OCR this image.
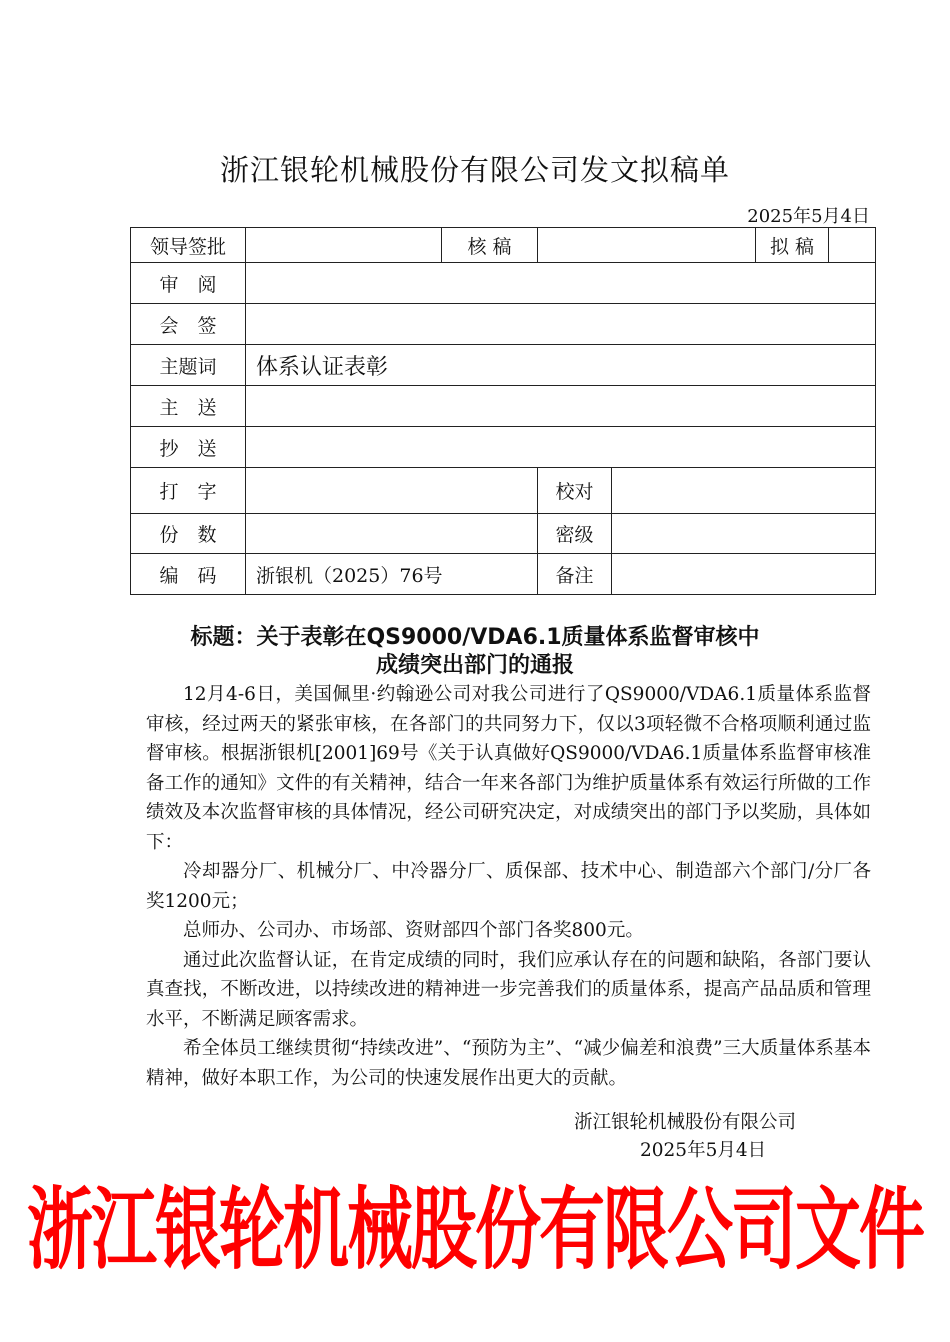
浙江银轮机械股份有限公司发文拟稿单
2025年5月4日
领导签批		核 稿			拟 稿

审　阅					
会　签					
主题词	体系认证表彰				
主　送					
抄　送					
打　字			校对		
份　数			密级		
编　码	浙银机（2025）76号		备注		
标题：关于表彰在QS9000/VDA6.1质量体系监督审核中
成绩突出部门的通报

12月4-6日，美国佩里·约翰逊公司对我公司进行了QS9000/VDA6.1质量体系监督审核，经过两天的紧张审核，在各部门的共同努力下，仅以3项轻微不合格项顺利通过监督审核。根据浙银机[2001]69号《关于认真做好QS9000/VDA6.1质量体系监督审核准备工作的通知》文件的有关精神，结合一年来各部门为维护质量体系有效运行所做的工作绩效及本次监督审核的具体情况，经公司研究决定，对成绩突出的部门予以奖励，具体如下：

冷却器分厂、机械分厂、中冷器分厂、质保部、技术中心、制造部六个部门/分厂各奖1200元；

总师办、公司办、市场部、资财部四个部门各奖800元。

通过此次监督认证，在肯定成绩的同时，我们应承认存在的问题和缺陷，各部门要认真查找，不断改进，以持续改进的精神进一步完善我们的质量体系，提高产品品质和管理水平，不断满足顾客需求。

希全体员工继续贯彻“持续改进”、“预防为主”、“减少偏差和浪费”三大质量体系基本精神，做好本职工作，为公司的快速发展作出更大的贡献。

浙江银轮机械股份有限公司
2025年5月4日
浙江银轮机械股份有限公司文件
